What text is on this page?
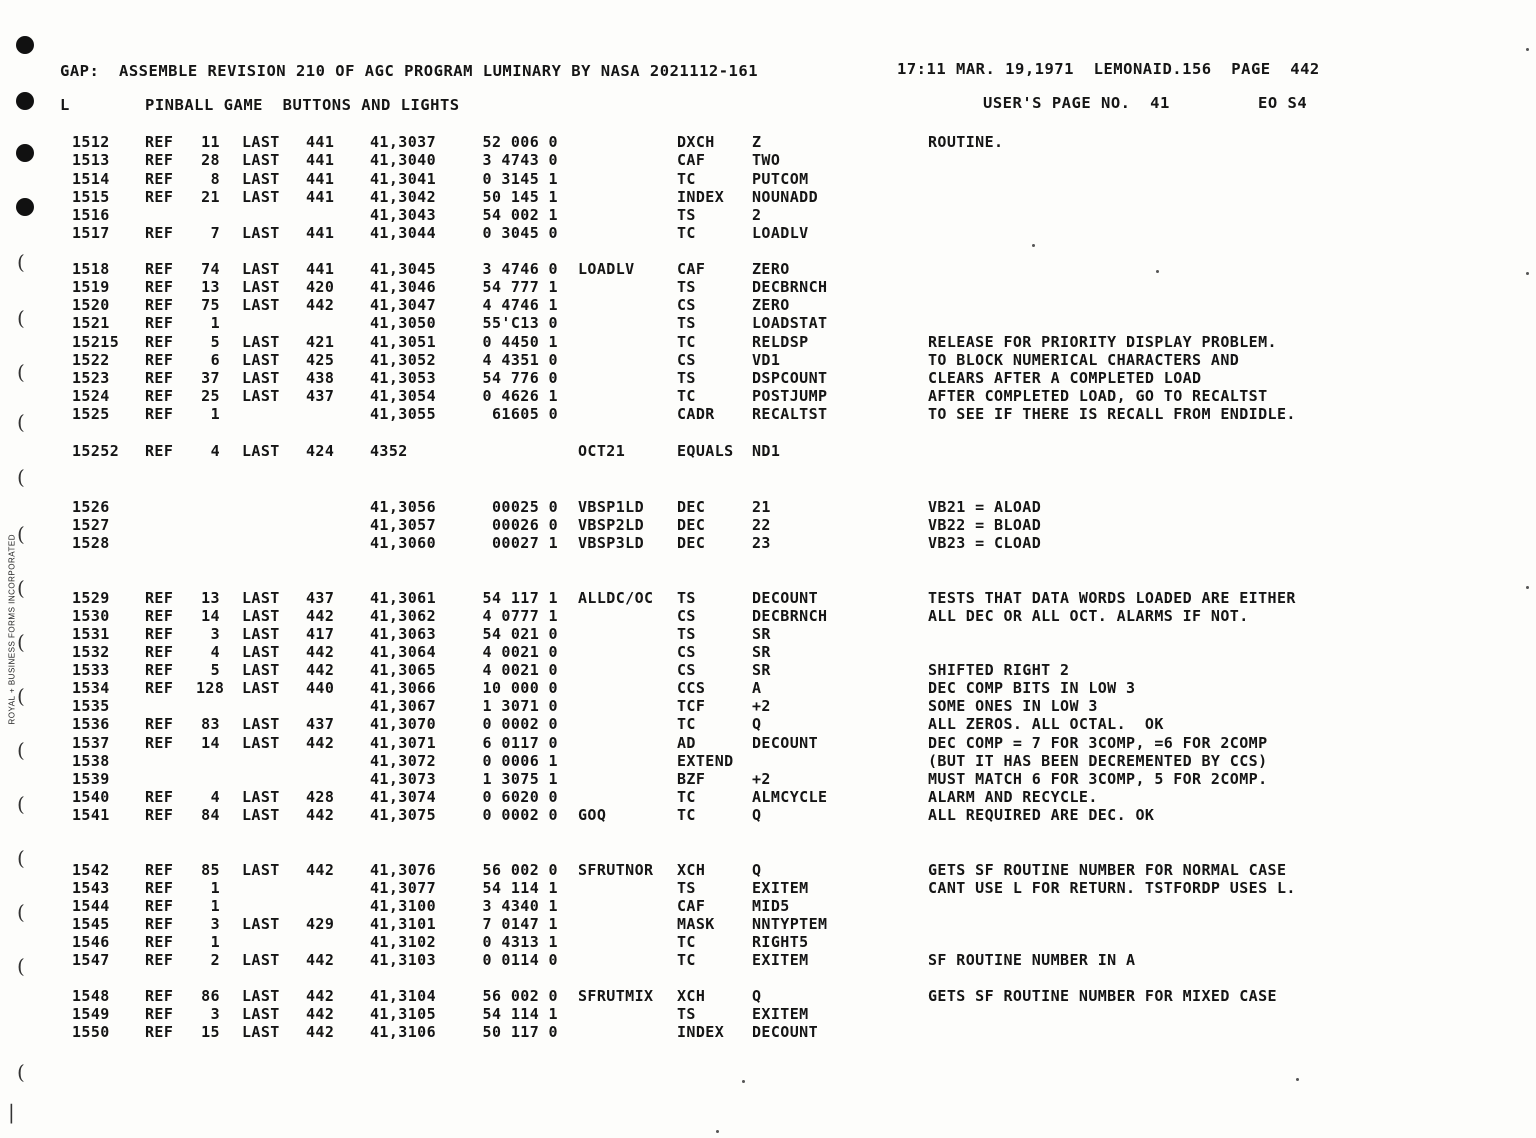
(
(
(
(
(
(
(
(
(
(
(
(
(
(
(
|
ROYAL + BUSINESS FORMS INCORPORATED
GAP:  ASSEMBLE REVISION 210 OF AGC PROGRAM LUMINARY BY NASA 2021112-161	17:11 MAR. 19,1971  LEMONAID.156  PAGE  442
L	PINBALL GAME  BUTTONS AND LIGHTS	USER'S PAGE NO.  41	EO S4
1512 REF	11 LAST 441 41,3037	52 006 0	DXCH Z	ROUTINE.
1513 REF	28 LAST 441 41,3040	3 4743 0	CAF	TWO
1514 REF	8 LAST 441 41,3041	0 3145 1	TC	PUTCOM
1515 REF	21 LAST 441 41,3042	50 145 1	INDEX NOUNADD
1516	41,3043	54 002 1	TS	2
1517 REF	7 LAST 441 41,3044	0 3045 0	TC	LOADLV
1518 REF	74 LAST 441 41,3045	3 4746 0 LOADLV	CAF	ZERO
1519 REF	13 LAST 420 41,3046	54 777 1	TS	DECBRNCH
1520 REF	75 LAST 442 41,3047	4 4746 1	CS	ZERO
1521 REF	1	41,3050	55'C13 0	TS	LOADSTAT
15215 REF	5 LAST 421 41,3051	0 4450 1	TC	RELDSP	RELEASE FOR PRIORITY DISPLAY PROBLEM.
1522 REF	6 LAST 425 41,3052	4 4351 0	CS	VD1	TO BLOCK NUMERICAL CHARACTERS AND
1523 REF	37 LAST 438 41,3053	54 776 0	TS	DSPCOUNT	CLEARS AFTER A COMPLETED LOAD
1524 REF	25 LAST 437 41,3054	0 4626 1	TC	POSTJUMP	AFTER COMPLETED LOAD, GO TO RECALTST
1525 REF	1	41,3055	61605 0	CADR RECALTST	TO SEE IF THERE IS RECALL FROM ENDIDLE.
15252 REF	4 LAST 424 4352	OCT21	EQUALS ND1
1526	41,3056	00025 0 VBSP1LD DEC	21	VB21 = ALOAD
1527	41,3057	00026 0 VBSP2LD DEC	22	VB22 = BLOAD
1528	41,3060	00027 1 VBSP3LD DEC	23	VB23 = CLOAD
1529 REF	13 LAST 437 41,3061	54 117 1 ALLDC/OC TS	DECOUNT	TESTS THAT DATA WORDS LOADED ARE EITHER
1530 REF	14 LAST 442 41,3062	4 0777 1	CS	DECBRNCH	ALL DEC OR ALL OCT. ALARMS IF NOT.
1531 REF	3 LAST 417 41,3063	54 021 0	TS	SR
1532 REF	4 LAST 442 41,3064	4 0021 0	CS	SR
1533 REF	5 LAST 442 41,3065	4 0021 0	CS	SR	SHIFTED RIGHT 2
1534 REF 128 LAST 440 41,3066	10 000 0	CCS	A	DEC COMP BITS IN LOW 3
1535	41,3067	1 3071 0	TCF	+2	SOME ONES IN LOW 3
1536 REF	83 LAST 437 41,3070	0 0002 0	TC	Q	ALL ZEROS. ALL OCTAL.  OK
1537 REF	14 LAST 442 41,3071	6 0117 0	AD	DECOUNT	DEC COMP = 7 FOR 3COMP, =6 FOR 2COMP
1538	41,3072	0 0006 1	EXTEND	(BUT IT HAS BEEN DECREMENTED BY CCS)
1539	41,3073	1 3075 1	BZF	+2	MUST MATCH 6 FOR 3COMP, 5 FOR 2COMP.
1540 REF	4 LAST 428 41,3074	0 6020 0	TC	ALMCYCLE	ALARM AND RECYCLE.
1541 REF	84 LAST 442 41,3075	0 0002 0 GOQ	TC	Q	ALL REQUIRED ARE DEC. OK
1542 REF	85 LAST 442 41,3076	56 002 0 SFRUTNOR XCH	Q	GETS SF ROUTINE NUMBER FOR NORMAL CASE
1543 REF	1	41,3077	54 114 1	TS	EXITEM	CANT USE L FOR RETURN. TSTFORDP USES L.
1544 REF	1	41,3100	3 4340 1	CAF	MID5
1545 REF	3 LAST 429 41,3101	7 0147 1	MASK NNTYPTEM
1546 REF	1	41,3102	0 4313 1	TC	RIGHT5
1547 REF	2 LAST 442 41,3103	0 0114 0	TC	EXITEM	SF ROUTINE NUMBER IN A
1548 REF	86 LAST 442 41,3104	56 002 0 SFRUTMIX XCH	Q	GETS SF ROUTINE NUMBER FOR MIXED CASE
1549 REF	3 LAST 442 41,3105	54 114 1	TS	EXITEM
1550 REF	15 LAST 442 41,3106	50 117 0	INDEX DECOUNT
